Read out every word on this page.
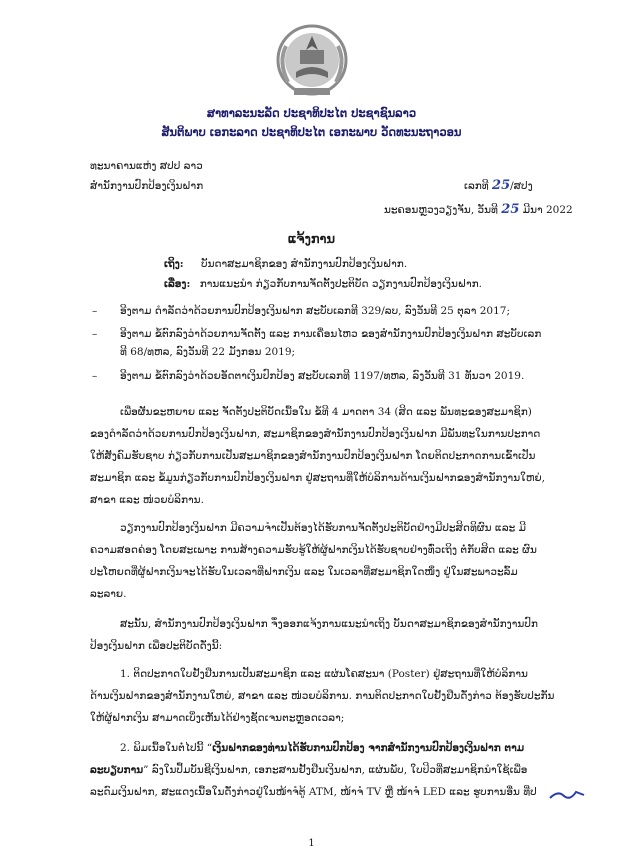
ສາທາລະນະລັດ ປະຊາທິປະໄຕ ປະຊາຊົນລາວ
ສັນຕິພາບ ເອກະລາດ ປະຊາທິປະໄຕ ເອກະພາບ ວັດທະນະຖາວອນ
ທະນາຄານແຫ່ງ ສປປ ລາວ
ສໍານັກງານປົກປ້ອງເງິນຝາກ	ເລກທີ 25/ສປງ
ນະຄອນຫຼວງວຽງຈັນ, ວັນທີ 25 ມີນາ 2022
ແຈ້ງການ
ເຖິງ: ບັນດາສະມາຊິກຂອງ ສໍານັກງານປົກປ້ອງເງິນຝາກ.
ເລື່ອງ: ການແນະນໍາ ກ່ຽວກັບການຈັດຕັ້ງປະຕິບັດ ວຽກງານປົກປ້ອງເງິນຝາກ.
– ອີງຕາມ ດໍາລັດວ່າດ້ວຍການປົກປ້ອງເງິນຝາກ ສະບັບເລກທີ 329/ລບ, ລົງວັນທີ 25 ຕຸລາ 2017;
– ອີງຕາມ ຂໍ້ຕົກລົງວ່າດ້ວຍການຈັດຕັ້ງ ແລະ ການເຄື່ອນໄຫວ ຂອງສໍານັກງານປົກປ້ອງເງິນຝາກ ສະບັບເລກ
ທີ 68/ທຫລ, ລົງວັນທີ 22 ມັງກອນ 2019;
– ອີງຕາມ ຂໍ້ຕົກລົງວ່າດ້ວຍອັດຕາເງິນປົກປ້ອງ ສະບັບເລກທີ 1197/ທຫລ, ລົງວັນທີ 31 ທັນວາ 2019.
ເພື່ອຜັນຂະຫຍາຍ ແລະ ຈັດຕັ້ງປະຕິບັດເນື້ອໃນ ຂໍ້ທີ 4 ມາດຕາ 34 (ສິດ ແລະ ພັນທະຂອງສະມາຊິກ)
ຂອງດໍາລັດວ່າດ້ວຍການປົກປ້ອງເງິນຝາກ, ສະມາຊິກຂອງສໍານັກງານປົກປ້ອງເງິນຝາກ ມີພັນທະໃນການປະກາດ
ໃຫ້ສັງຄົມຮັບຊາບ ກ່ຽວກັບການເປັນສະມາຊິກຂອງສໍານັກງານປົກປ້ອງເງິນຝາກ ໂດຍຕິດປະກາດການເຂົ້າເປັນ
ສະມາຊິກ ແລະ ຂໍ້ມູນກ່ຽວກັບການປົກປ້ອງເງິນຝາກ ຢູ່ສະຖານທີ່ໃຫ້ບໍລິການດ້ານເງິນຝາກຂອງສໍານັກງານໃຫຍ່,
ສາຂາ ແລະ ໜ່ວຍບໍລິການ.
ວຽກງານປົກປ້ອງເງິນຝາກ ມີຄວາມຈໍາເປັນຕ້ອງໄດ້ຮັບການຈັດຕັ້ງປະຕິບັດຢ່າງມີປະສິດທິຜົນ ແລະ ມີ
ຄວາມສອດຄ່ອງ ໂດຍສະເພາະ ການສ້າງຄວາມຮັບຮູ້ໃຫ້ຜູ້ຝາກເງິນໄດ້ຮັບຊາບຢ່າງທົ່ວເຖິງ ຕໍ່ກັບສິດ ແລະ ຜົນ
ປະໂຫຍດທີ່ຜູ້ຝາກເງິນຈະໄດ້ຮັບໃນເວລາທີ່ຝາກເງິນ ແລະ ໃນເວລາທີ່ສະມາຊິກໃດໜຶ່ງ ຢູ່ໃນສະພາວະລົ້ມ
ລະລາຍ.
ສະນັ້ນ, ສໍານັກງານປົກປ້ອງເງິນຝາກ ຈຶ່ງອອກແຈ້ງການແນະນໍາເຖິງ ບັນດາສະມາຊິກຂອງສໍານັກງານປົກ
ປ້ອງເງິນຝາກ ເພື່ອປະຕິບັດດັ່ງນີ້:
1. ຕິດປະກາດໃບຢັ້ງຢືນການເປັນສະມາຊິກ ແລະ ແຜ່ນໂຄສະນາ (Poster) ຢູ່ສະຖານທີ່ໃຫ້ບໍລິການ
ດ້ານເງິນຝາກຂອງສໍານັກງານໃຫຍ່, ສາຂາ ແລະ ໜ່ວຍບໍລິການ. ການຕິດປະກາດໃບຢັ້ງຢືນດັ່ງກ່າວ ຕ້ອງຮັບປະກັນ
ໃຫ້ຜູ້ຝາກເງິນ ສາມາດເບິ່ງເຫັນໄດ້ຢ່າງຊັດເຈນຕະຫຼອດເວລາ;
2. ພິມເນື້ອໃນຕໍ່ໄປນີ້ “ເງິນຝາກຂອງທ່ານໄດ້ຮັບການປົກປ້ອງ ຈາກສໍານັກງານປົກປ້ອງເງິນຝາກ ຕາມ
ລະບຽບການ” ລົງໃນປຶ້ມບັນຊີເງິນຝາກ, ເອກະສານຢັ້ງຢືນເງິນຝາກ, ແຜ່ນພັບ, ໃບປິວທີ່ສະມາຊິກນໍາໃຊ້ເພື່ອ
ລະດົມເງິນຝາກ, ສະແດງເນື້ອໃນດັ່ງກ່າວຢູ່ໃນໜ້າຈໍຕູ້ ATM, ໜ້າຈໍ TV ຫຼື ໜ້າຈໍ LED ແລະ ຮູບການອື່ນ ທີ່ປ
1
